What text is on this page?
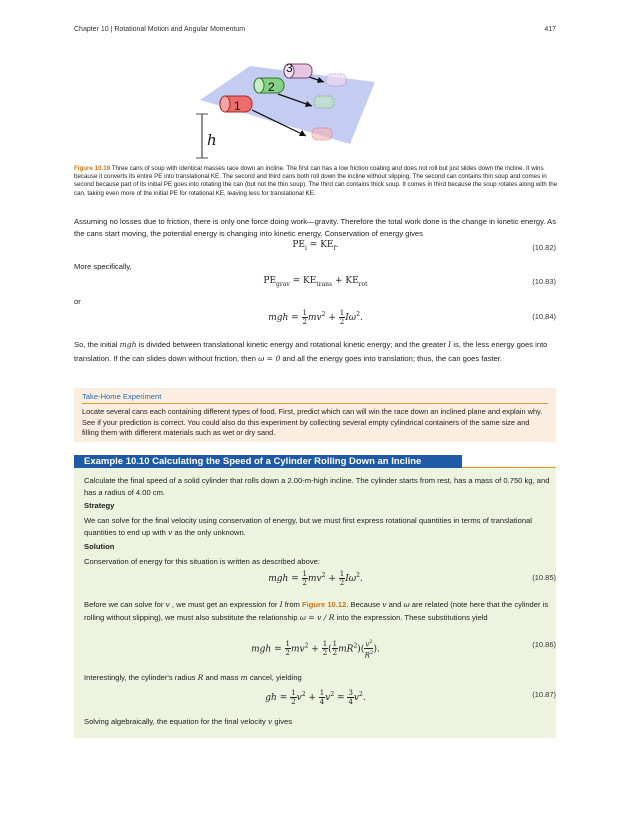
Chapter 10 | Rotational Motion and Angular Momentum	417
h
1
2
3
Figure 10.19 Three cans of soup with identical masses race down an incline. The first can has a low friction coating and does not roll but just slides down the incline. It wins because it converts its entire PE into translational KE. The second and third cans both roll down the incline without slipping. The second can contains thin soup and comes in second because part of its initial PE goes into rotating the can (but not the thin soup). The third can contains thick soup. It comes in third because the soup rotates along with the can, taking even more of the initial PE for rotational KE, leaving less for translational KE.
Assuming no losses due to friction, there is only one force doing work—gravity. Therefore the total work done is the change in kinetic energy. As the cans start moving, the potential energy is changing into kinetic energy. Conservation of energy gives
$PE_i = KE_f$.	(10.82)
More specifically,
$PE_{grav} = KE_{trans} + KE_{rot}$	(10.83)
or
mgh = $\frac{1}{2} mv^2 + \frac{1}{2} I\omega^2$.	(10.84)
So, the initial mgh is divided between translational kinetic energy and rotational kinetic energy; and the greater I is, the less energy goes into translation. If the can slides down without friction, then ω = 0 and all the energy goes into translation; thus, the can goes faster.
Take-Home Experiment
Locate several cans each containing different types of food. First, predict which can will win the race down an inclined plane and explain why. See if your prediction is correct. You could also do this experiment by collecting several empty cylindrical containers of the same size and filling them with different materials such as wet or dry sand.
Example 10.10 Calculating the Speed of a Cylinder Rolling Down an Incline
Calculate the final speed of a solid cylinder that rolls down a 2.00-m-high incline. The cylinder starts from rest, has a mass of 0.750 kg, and has a radius of 4.00 cm.
Strategy
We can solve for the final velocity using conservation of energy, but we must first express rotational quantities in terms of translational quantities to end up with v as the only unknown.
Solution
Conservation of energy for this situation is written as described above:
mgh = $\frac{1}{2} mv^2 + \frac{1}{2} I\omega^2$.	(10.85)
Before we can solve for v , we must get an expression for I from Figure 10.12. Because v and ω are related (note here that the cylinder is rolling without slipping), we must also substitute the relationship ω = v / R into the expression. These substitutions yield
mgh = $\frac{1}{2} mv^2 + \frac{1}{2}$ ( $\frac{1}{2} mR^2)( \frac{v^2}{R^2}$ ).	(10.86)
Interestingly, the cylinder's radius R and mass m cancel, yielding
gh = $\frac{1}{2} v^2 + \frac{1}{4} v^2 = \frac{3}{4} v^2$.	(10.87)
Solving algebraically, the equation for the final velocity v gives
